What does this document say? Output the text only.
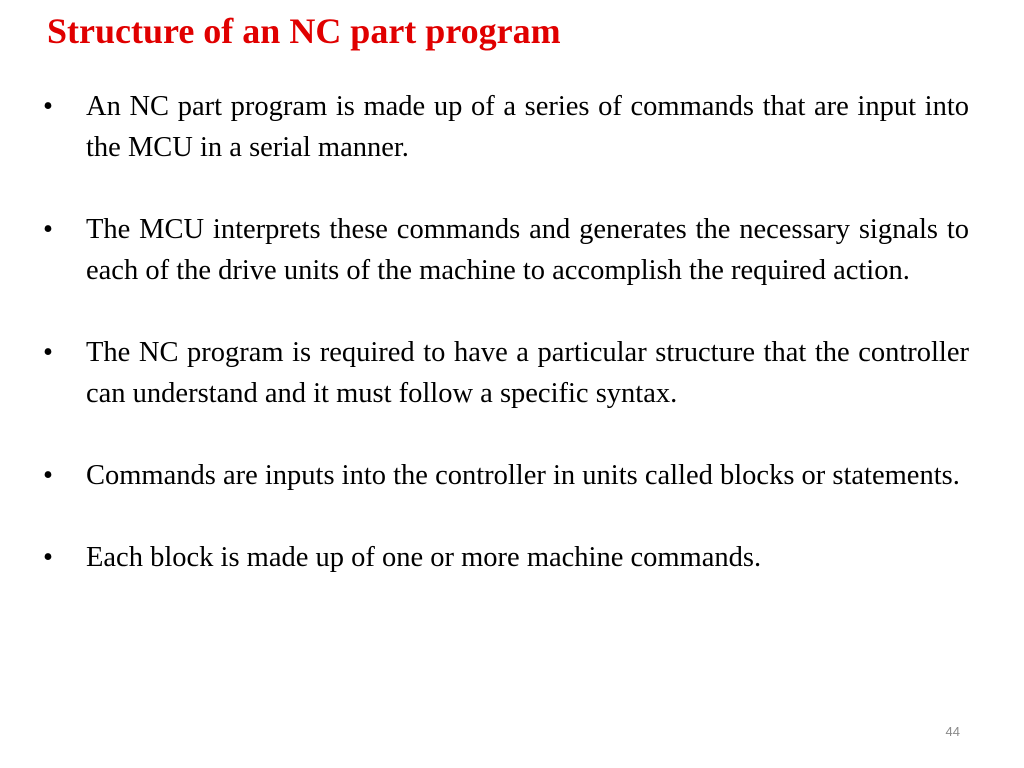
Structure of an NC part program
•	An NC part program is made up of a series of commands that are input into the MCU in a serial manner.
•	The MCU interprets these commands and generates the necessary signals to each of the drive units of the machine to accomplish the required action.
•	The NC program is required to have a particular structure that the controller can understand and it must follow a specific syntax.
•	Commands are inputs into the controller in units called blocks or statements.
•	Each block is made up of one or more machine commands.
44
